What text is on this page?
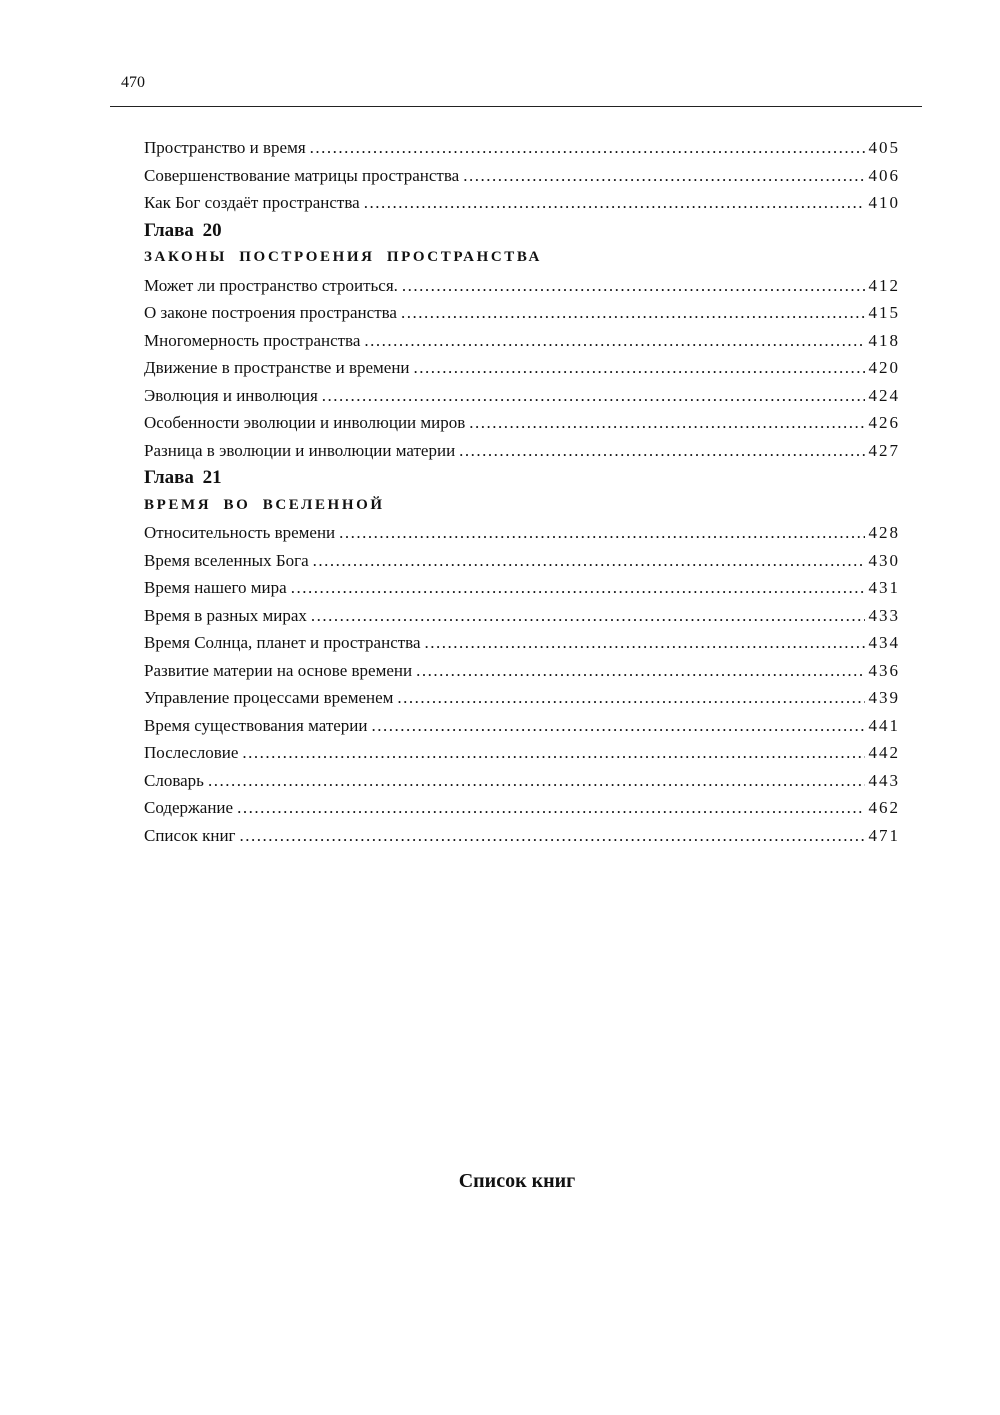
470
Пространство и время .....	405
Совершенствование матрицы пространства .....	406
Как Бог создаёт пространства .....	410
Глава 20
ЗАКОНЫ ПОСТРОЕНИЯ ПРОСТРАНСТВА
Может ли пространство строиться. .....	412
О законе построения пространства .....	415
Многомерность пространства .....	418
Движение в пространстве и времени .....	420
Эволюция и инволюция .....	424
Особенности эволюции и инволюции миров .....	426
Разница в эволюции и инволюции материи .....	427
Глава 21
ВРЕМЯ ВО ВСЕЛЕННОЙ
Относительность времени .....	428
Время вселенных Бога .....	430
Время нашего мира .....	431
Время в разных мирах .....	433
Время Солнца, планет и пространства .....	434
Развитие материи на основе времени .....	436
Управление процессами временем .....	439
Время существования материи .....	441
Послесловие .....	442
Словарь .....	443
Содержание .....	462
Список книг .....	471
Список книг
